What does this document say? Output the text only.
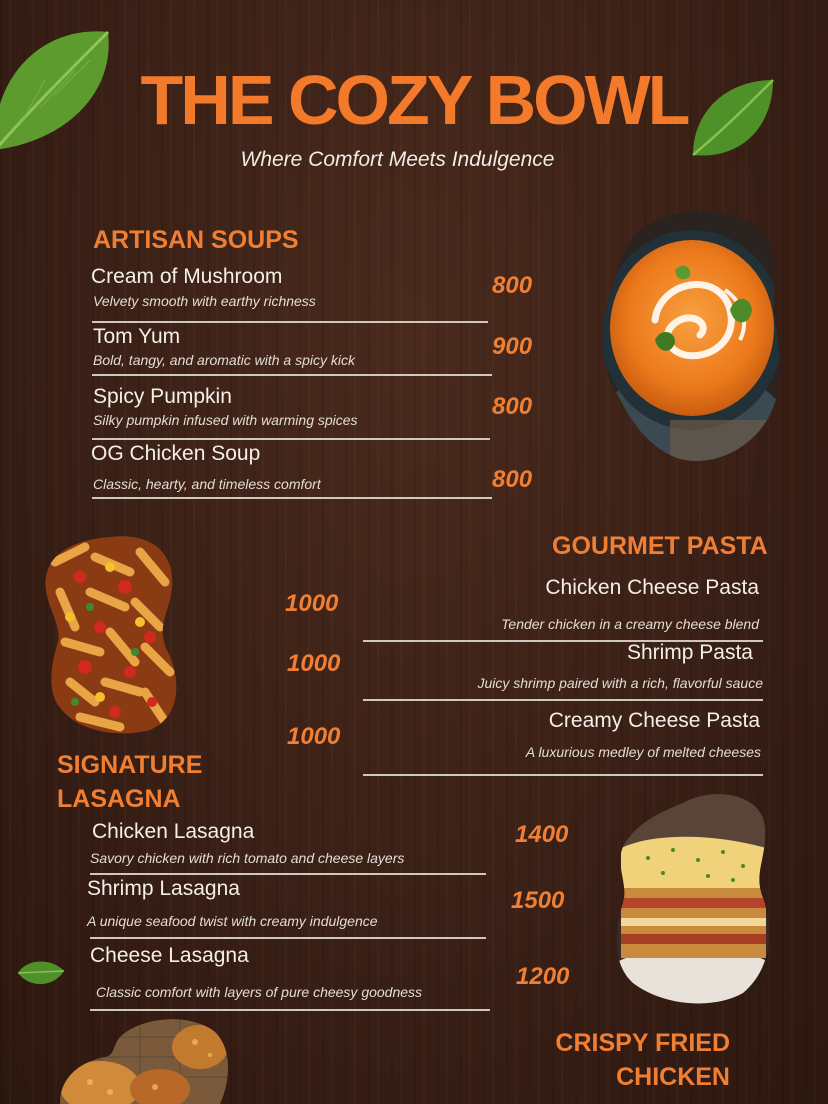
THE COZY BOWL
Where Comfort Meets Indulgence
ARTISAN SOUPS
Cream of Mushroom
Velvety smooth with earthy richness
800
Tom Yum
Bold, tangy, and aromatic with a spicy kick	900
Spicy Pumpkin
Silky pumpkin infused with warming spices	800
OG Chicken Soup
Classic, hearty, and timeless comfort	800
GOURMET PASTA
Chicken Cheese Pasta
Tender chicken in a creamy cheese blend
1000
Shrimp Pasta
Juicy shrimp paired with a rich, flavorful sauce
1000
Creamy Cheese Pasta
A luxurious medley of melted cheeses
1000
SIGNATURE
LASAGNA
Chicken Lasagna
Savory chicken with rich tomato and cheese layers
1400
Shrimp Lasagna
A unique seafood twist with creamy indulgence
1500
Cheese Lasagna
Classic comfort with layers of pure cheesy goodness
1200
CRISPY FRIED
CHICKEN
